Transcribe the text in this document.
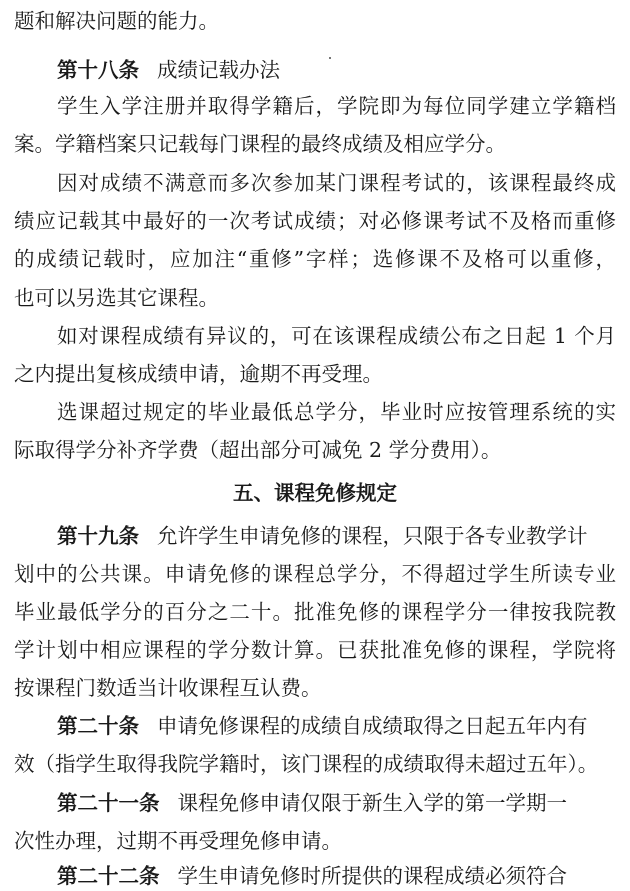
题和解决问题的能力。
第十八条 成绩记载办法
学生入学注册并取得学籍后，学院即为每位同学建立学籍档
案。学籍档案只记载每门课程的最终成绩及相应学分。
因对成绩不满意而多次参加某门课程考试的，该课程最终成
绩应记载其中最好的一次考试成绩；对必修课考试不及格而重修
的成绩记载时，应加注“重修”字样；选修课不及格可以重修，
也可以另选其它课程。
如对课程成绩有异议的，可在该课程成绩公布之日起 1 个月
之内提出复核成绩申请，逾期不再受理。
选课超过规定的毕业最低总学分，毕业时应按管理系统的实
际取得学分补齐学费（超出部分可减免 2 学分费用）。
五、课程免修规定
第十九条 允许学生申请免修的课程，只限于各专业教学计
划中的公共课。申请免修的课程总学分，不得超过学生所读专业
毕业最低学分的百分之二十。批准免修的课程学分一律按我院教
学计划中相应课程的学分数计算。已获批准免修的课程，学院将
按课程门数适当计收课程互认费。
第二十条 申请免修课程的成绩自成绩取得之日起五年内有
效（指学生取得我院学籍时，该门课程的成绩取得未超过五年）。
第二十一条 课程免修申请仅限于新生入学的第一学期一
次性办理，过期不再受理免修申请。
第二十二条 学生申请免修时所提供的课程成绩必须符合
